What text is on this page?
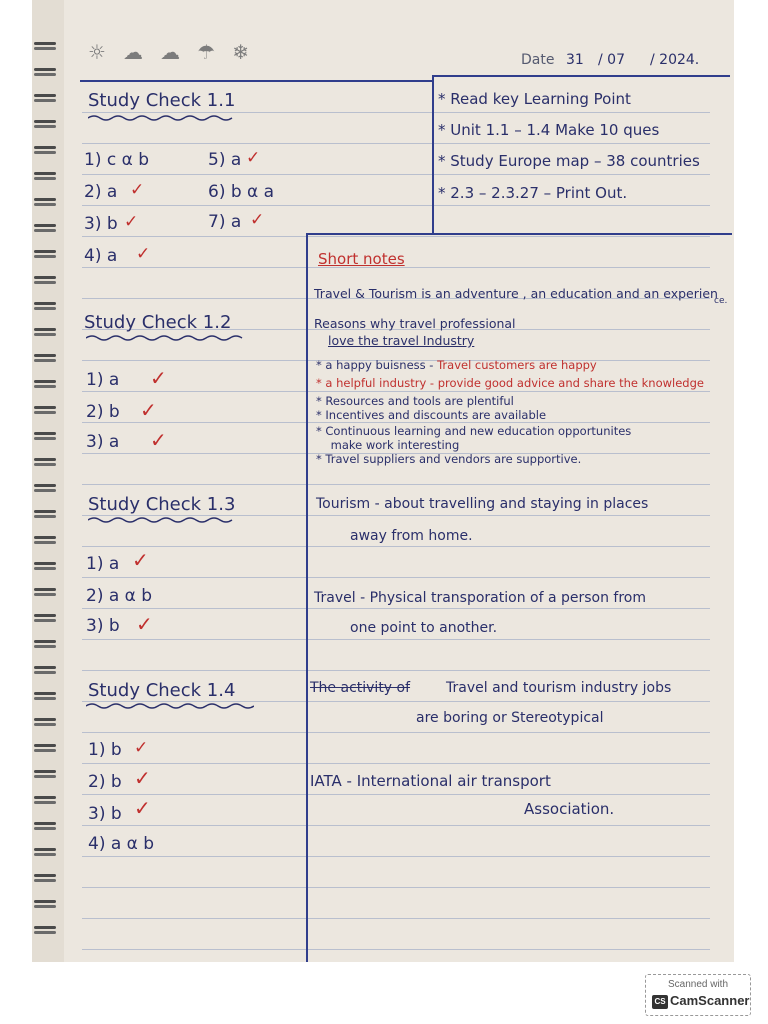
☼ ☁ ☁ ☂ ❄	Date 31 / 07 / 2024.
Study Check 1.1
1) c α b	5) a ✓
2) a ✓	6) b α a
3) b ✓	7) a ✓
4) a ✓
Study Check 1.2
1) a ✓
2) b ✓
3) a ✓
Study Check 1.3
1) a ✓
2) a α b
3) b ✓
Study Check 1.4
1) b ✓
2) b ✓
3) b ✓
4) a α b
* Read key Learning Point
* Unit 1.1 – 1.4 Make 10 ques
* Study Europe map – 38 countries
* 2.3 – 2.3.27 – Print Out.
Short notes
Travel & Tourism is an adventure , an education and an experien
ce.
Reasons why travel professional
love the travel Industry
* a happy buisness - Travel customers are happy
* a helpful industry - provide good advice and share the knowledge
* Resources and tools are plentiful
* Incentives and discounts are available
* Continuous learning and new education opportunites
make work interesting
* Travel suppliers and vendors are supportive.
Tourism - about travelling and staying in places
away from home.
Travel - Physical transporation of a person from
one point to another.
The activity of	Travel and tourism industry jobs
are boring or Stereotypical
IATA - International air transport
Association.
Scanned with
CS CamScanner
